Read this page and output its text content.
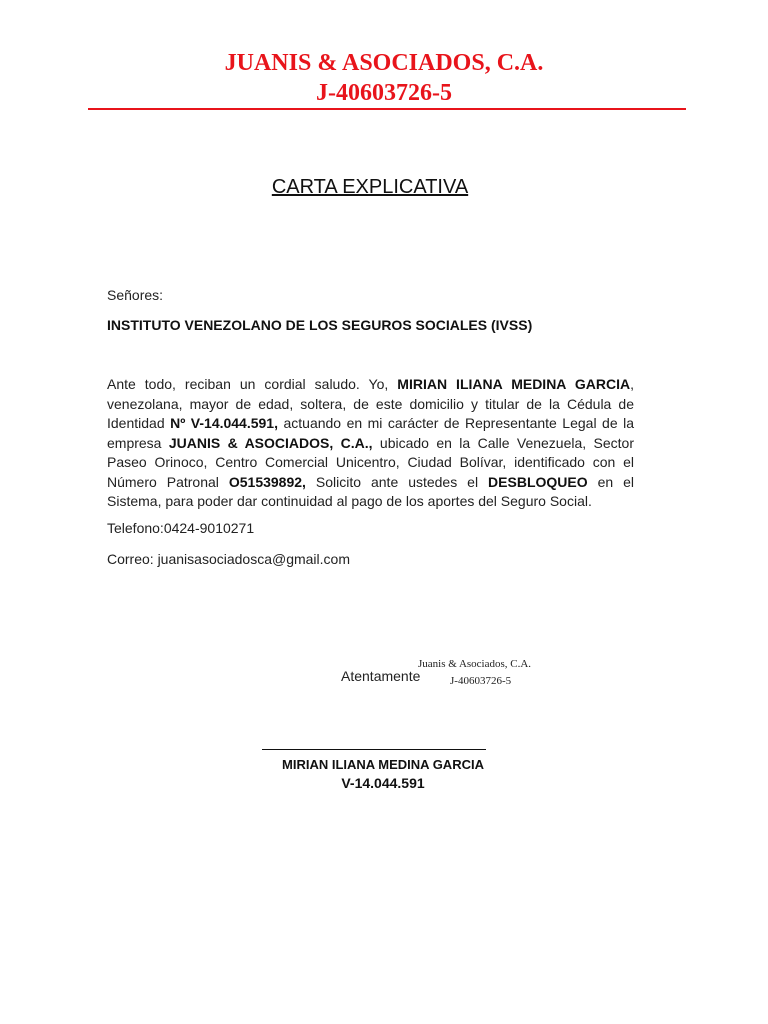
JUANIS & ASOCIADOS, C.A.
J-40603726-5
CARTA EXPLICATIVA
Señores:
INSTITUTO VENEZOLANO DE LOS SEGUROS SOCIALES (IVSS)
Ante todo, reciban un cordial saludo. Yo, MIRIAN ILIANA MEDINA GARCIA, venezolana, mayor de edad, soltera, de este domicilio y titular de la Cédula de Identidad Nº V-14.044.591, actuando en mi carácter de Representante Legal de la empresa JUANIS & ASOCIADOS, C.A., ubicado en la Calle Venezuela, Sector Paseo Orinoco, Centro Comercial Unicentro, Ciudad Bolívar, identificado con el Número Patronal O51539892, Solicito ante ustedes el DESBLOQUEO en el Sistema, para poder dar continuidad al pago de los aportes del Seguro Social.
Telefono:0424-9010271
Correo: juanisasociadosca@gmail.com
Juanis & Asociados, C.A.
J-40603726-5
Atentamente
MIRIAN ILIANA MEDINA GARCIA
V-14.044.591
